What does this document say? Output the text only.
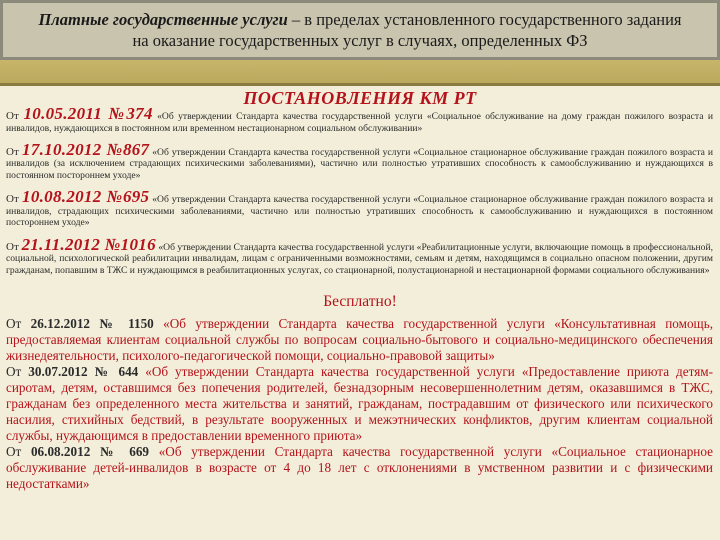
Платные государственные услуги – в пределах установленного государственного задания
на оказание государственных услуг в случаях, определенных ФЗ
ПОСТАНОВЛЕНИЯ КМ РТ

От 10.05.2011 №374 «Об утверждении Стандарта качества государственной услуги «Социальное обслуживание на дому граждан пожилого возраста и инвалидов, нуждающихся в постоянном или временном нестационарном социальном обслуживании»

От 17.10.2012 №867 «Об утверждении Стандарта качества государственной услуги «Социальное стационарное обслуживание граждан пожилого возраста и инвалидов (за исключением страдающих психическими заболеваниями), частично или полностью утративших способность к самообслуживанию и нуждающихся в постоянном постороннем уходе»

От 10.08.2012 №695 «Об утверждении Стандарта качества государственной услуги «Социальное стационарное обслуживание граждан пожилого возраста и инвалидов, страдающих психическими заболеваниями, частично или полностью утративших способность к самообслуживанию и нуждающихся в постоянном постороннем уходе»

От 21.11.2012 №1016 «Об утверждении Стандарта качества государственной услуги «Реабилитационные услуги, включающие помощь в профессиональной, социальной, психологической реабилитации инвалидам, лицам с ограниченными возможностями, семьям и детям, находящимся в социально опасном положении, другим гражданам, попавшим в ТЖС и нуждающимся в реабилитационных услугах, со стационарной, полустационарной и нестационарной формами социального обслуживания»

Бесплатно!

От 26.12.2012 № 1150 «Об утверждении Стандарта качества государственной услуги «Консультативная помощь, предоставляемая клиентам социальной службы по вопросам социально-бытового и социально-медицинского обеспечения жизнедеятельности, психолого-педагогической помощи, социально-правовой защиты»

От 30.07.2012 № 644 «Об утверждении Стандарта качества государственной услуги «Предоставление приюта детям-сиротам, детям, оставшимся без попечения родителей, безнадзорным несовершеннолетним детям, оказавшимся в ТЖС, гражданам без определенного места жительства и занятий, гражданам, пострадавшим от физического или психического насилия, стихийных бедствий, в результате вооруженных и межэтнических конфликтов, другим клиентам социальной службы, нуждающимся в предоставлении временного приюта»

От 06.08.2012 № 669 «Об утверждении Стандарта качества государственной услуги «Социальное стационарное обслуживание детей-инвалидов в возрасте от 4 до 18 лет с отклонениями в умственном развитии и с физическими недостатками»
